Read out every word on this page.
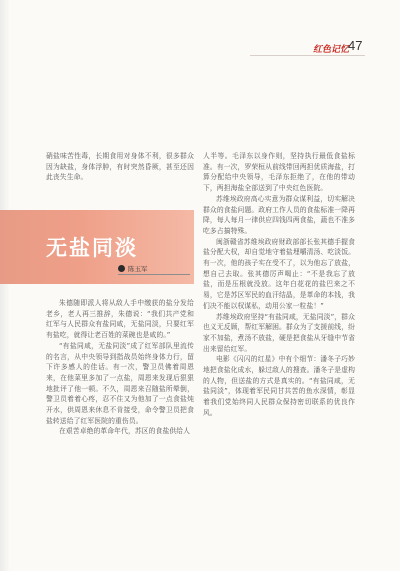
红色记忆
47

硝盐味苦性毒，长期食用对身体不利，很多群众因为缺盐，身体浮肿，有时突然昏厥，甚至还因此丧失生命。

无盐同淡
陈玉军

朱德随即派人将从敌人手中缴获的盐分发给老乡，老人再三推辞，朱德说：“我们共产党和红军与人民群众有盐同咸，无盐同淡，只要红军有盐吃，就得让老百姓的菜碗也是咸的。”

“有盐同咸，无盐同淡”成了红军部队里流传的名言，从中央领导到指战员始终身体力行，留下许多感人的佳话。有一次，警卫员佛着周恩来，在他菜里多加了一点盐，周恩来发现后狠狠地批评了他一顿。不久，周恩来召随盐所晕倒，警卫员着着心疼，忍不住又为他加了一点食盐炖开水，供周恩来休息不肯接受，命令警卫员把食盐转送给了红军医院的重伤员。

在艰苦卓绝的革命年代，苏区的食盐供给人

人半等。毛泽东以身作则，坚持执行最低食盐标准。有一次，罗荣桓从前线带回两担优质海盐，打算分配给中央领导，毛泽东拒绝了，在他的带动下，两担海盐全部送到了中央红色医院。

苏维埃政府高心实意为群众谋利益，切实解决群众的食盐问题。政府工作人员的食盐标准一降再降，每人每月一律供应四钱四两食盐，蔬也不准多吃多占搞特殊。

闽浙赣省苏维埃政府财政部部长张其德手握食盐分配大权，却自觉地守着盐埋嚼清汤、吃淡饭。有一次，他的孩子实在受不了，以为他忘了放盐，想自己去取。张其德厉声喝止：“不是我忘了放盐，而是压根就没放。这年白花花的盐巴来之不易，它是苏区军民的血汗结晶，是革命的本钱，我们决不能以权谋私，动用公家一粒盐！”

苏维埃政府坚持“有盐同咸，无盐同淡”，群众也义无反顾，帮红军解困。群众为了支援前线，纷家不加盐，煮汤不放盐，硬是把食盐从牙缝中节省出来留给红军。

电影《闪闪的红星》中有个细节：潘冬子巧妙地把食盐化成水，躲过敌人的搜查。潘冬子是虚构的人物，但送盐的方式是真实的。“有盐同咸，无盐同淡”，体现着军民同甘共苦的鱼水深情，彰显着我们党始终同人民群众保持密切联系的优良作风。
